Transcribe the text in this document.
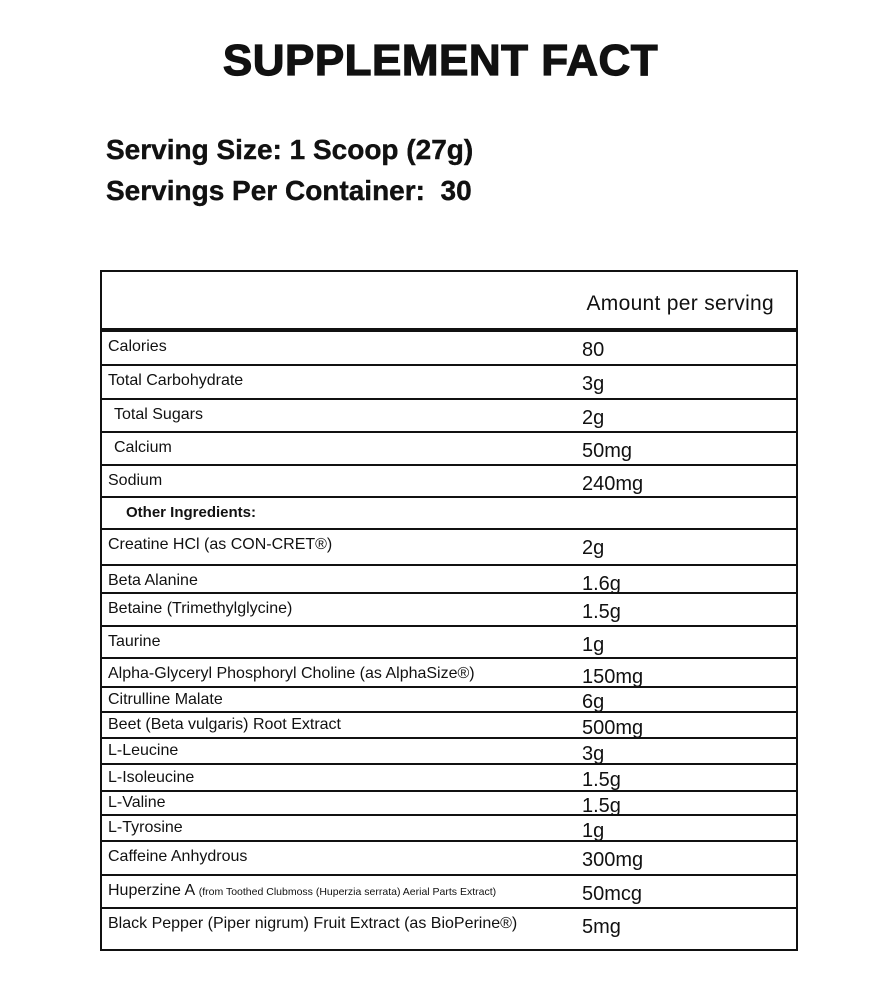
SUPPLEMENT FACT

Serving Size: 1 Scoop (27g)

Servings Per Container:  30

Amount per serving
Calories	80
Total Carbohydrate	3g
Total Sugars	2g
Calcium	50mg
Sodium	240mg
Other Ingredients:
Creatine HCl (as CON-CRET®)	2g
Beta Alanine	1.6g
Betaine (Trimethylglycine)	1.5g
Taurine	1g
Alpha-Glyceryl Phosphoryl Choline (as AlphaSize®)	150mg
Citrulline Malate	6g
Beet (Beta vulgaris) Root Extract	500mg
L-Leucine	3g
L-Isoleucine	1.5g
L-Valine	1.5g
L-Tyrosine	1g
Caffeine Anhydrous	300mg
Huperzine A (from Toothed Clubmoss (Huperzia serrata) Aerial Parts Extract)	50mcg
Black Pepper (Piper nigrum) Fruit Extract (as BioPerine®)	5mg
